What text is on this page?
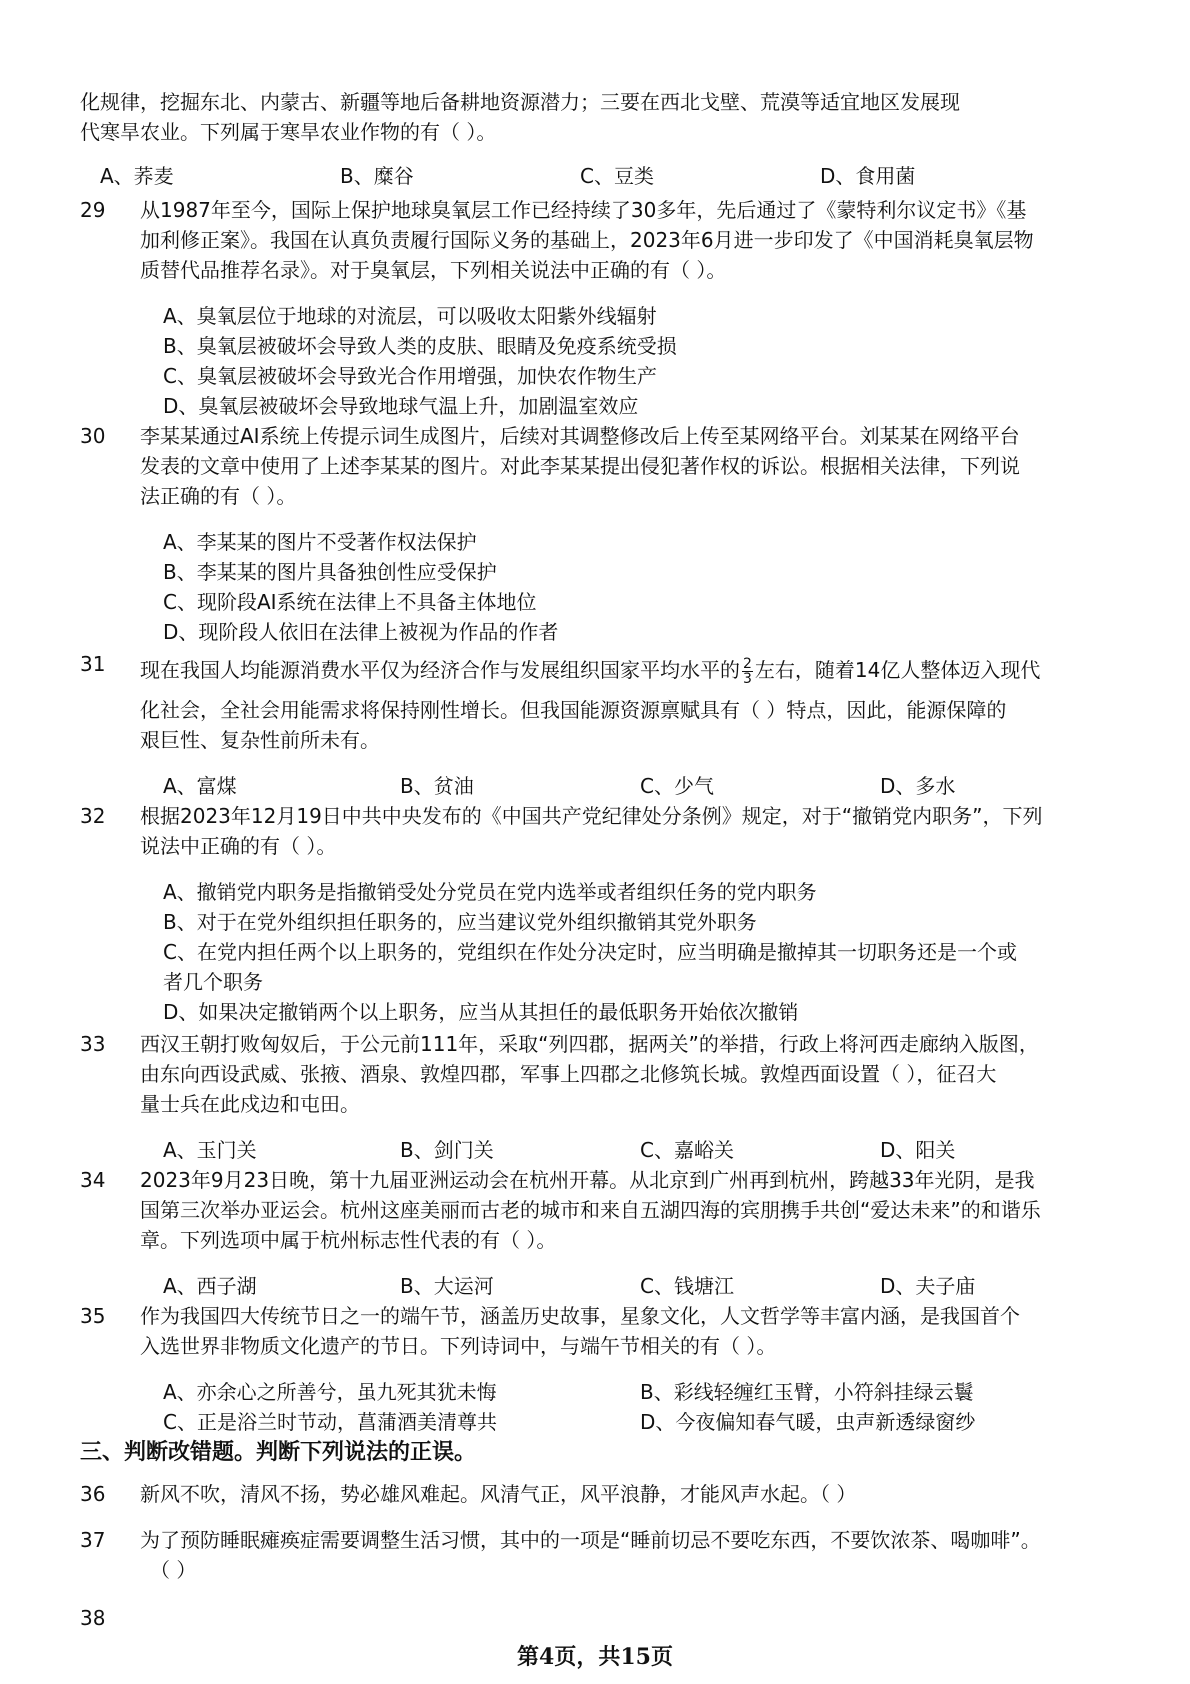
化规律，挖掘东北、内蒙古、新疆等地后备耕地资源潜力；三要在西北戈壁、荒漠等适宜地区发展现
代寒旱农业。下列属于寒旱农业作物的有（ ）。
A、荞麦	B、糜谷	C、豆类	D、食用菌
29 从1987年至今，国际上保护地球臭氧层工作已经持续了30多年，先后通过了《蒙特利尔议定书》《基
加利修正案》。我国在认真负责履行国际义务的基础上，2023年6月进一步印发了《中国消耗臭氧层物
质替代品推荐名录》。对于臭氧层，下列相关说法中正确的有（ ）。
A、臭氧层位于地球的对流层，可以吸收太阳紫外线辐射
B、臭氧层被破坏会导致人类的皮肤、眼睛及免疫系统受损
C、臭氧层被破坏会导致光合作用增强，加快农作物生产
D、臭氧层被破坏会导致地球气温上升，加剧温室效应
30 李某某通过AI系统上传提示词生成图片，后续对其调整修改后上传至某网络平台。刘某某在网络平台
发表的文章中使用了上述李某某的图片。对此李某某提出侵犯著作权的诉讼。根据相关法律，下列说
法正确的有（ ）。
A、李某某的图片不受著作权法保护
B、李某某的图片具备独创性应受保护
C、现阶段AI系统在法律上不具备主体地位
D、现阶段人依旧在法律上被视为作品的作者
31 现在我国人均能源消费水平仅为经济合作与发展组织国家平均水平的 $\frac{2}{3}$ 左右，随着14亿人整体迈入现代
化社会，全社会用能需求将保持刚性增长。但我国能源资源禀赋具有（ ）特点，因此，能源保障的
艰巨性、复杂性前所未有。
A、富煤	B、贫油	C、少气	D、多水
32 根据2023年12月19日中共中央发布的《中国共产党纪律处分条例》规定，对于“撤销党内职务”，下列
说法中正确的有（ ）。
A、撤销党内职务是指撤销受处分党员在党内选举或者组织任务的党内职务
B、对于在党外组织担任职务的，应当建议党外组织撤销其党外职务
C、在党内担任两个以上职务的，党组织在作处分决定时，应当明确是撤掉其一切职务还是一个或
者几个职务
D、如果决定撤销两个以上职务，应当从其担任的最低职务开始依次撤销
33 西汉王朝打败匈奴后，于公元前111年，采取“列四郡，据两关”的举措，行政上将河西走廊纳入版图，
由东向西设武威、张掖、酒泉、敦煌四郡，军事上四郡之北修筑长城。敦煌西面设置（ ），征召大
量士兵在此戍边和屯田。
A、玉门关	B、剑门关	C、嘉峪关	D、阳关
34 2023年9月23日晚，第十九届亚洲运动会在杭州开幕。从北京到广州再到杭州，跨越33年光阴，是我
国第三次举办亚运会。杭州这座美丽而古老的城市和来自五湖四海的宾朋携手共创“爱达未来”的和谐乐
章。下列选项中属于杭州标志性代表的有（ ）。
A、西子湖	B、大运河	C、钱塘江	D、夫子庙
35 作为我国四大传统节日之一的端午节，涵盖历史故事，星象文化，人文哲学等丰富内涵，是我国首个
入选世界非物质文化遗产的节日。下列诗词中，与端午节相关的有（ ）。
A、亦余心之所善兮，虽九死其犹未悔	B、彩线轻缠红玉臂，小符斜挂绿云鬟
C、正是浴兰时节动，菖蒲酒美清尊共	D、今夜偏知春气暖，虫声新透绿窗纱
三、判断改错题。判断下列说法的正误。
36 新风不吹，清风不扬，势必雄风难起。风清气正，风平浪静，才能风声水起。（ ）
37 为了预防睡眠瘫痪症需要调整生活习惯，其中的一项是“睡前切忌不要吃东西，不要饮浓茶、喝咖啡”。
（ ）
38
第4页，共15页
